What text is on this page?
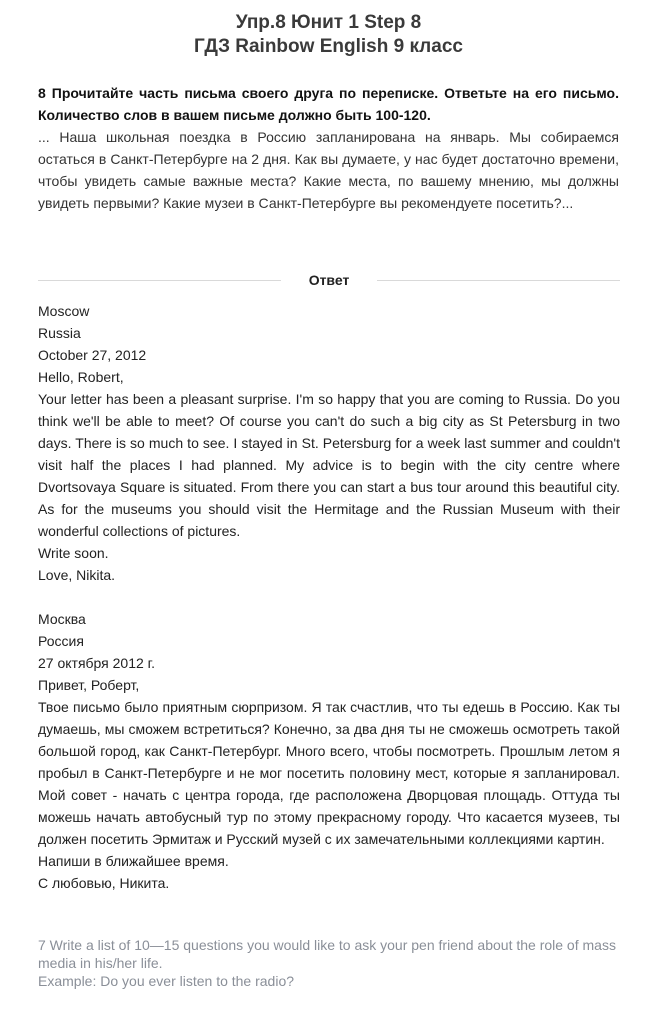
Упр.8 Юнит 1 Step 8
ГДЗ Rainbow English 9 класс
8 Прочитайте часть письма своего друга по переписке. Ответьте на его письмо. Количество слов в вашем письме должно быть 100-120.
... Наша школьная поездка в Россию запланирована на январь. Мы собираемся остаться в Санкт-Петербурге на 2 дня. Как вы думаете, у нас будет достаточно времени, чтобы увидеть самые важные места? Какие места, по вашему мнению, мы должны увидеть первыми? Какие музеи в Санкт-Петербурге вы рекомендуете посетить?...
Ответ

Moscow

Russia

October 27, 2012

Hello, Robert,

Your letter has been a pleasant surprise. I'm so happy that you are coming to Russia. Do you think we'll be able to meet? Of course you can't do such a big city as St Petersburg in two days. There is so much to see. I stayed in St. Petersburg for a week last summer and couldn't visit half the places I had planned. My advice is to begin with the city centre where Dvortsovaya Square is situated. From there you can start a bus tour around this beautiful city. As for the museums you should visit the Hermitage and the Russian Museum with their wonderful collections of pictures.

Write soon.

Love, Nikita.

Москва

Россия

27 октября 2012 г.

Привет, Роберт,

Твое письмо было приятным сюрпризом. Я так счастлив, что ты едешь в Россию. Как ты думаешь, мы сможем встретиться? Конечно, за два дня ты не сможешь осмотреть такой большой город, как Санкт-Петербург. Много всего, чтобы посмотреть. Прошлым летом я пробыл в Санкт-Петербурге и не мог посетить половину мест, которые я запланировал. Мой совет - начать с центра города, где расположена Дворцовая площадь. Оттуда ты можешь начать автобусный тур по этому прекрасному городу. Что касается музеев, ты должен посетить Эрмитаж и Русский музей с их замечательными коллекциями картин.

Напиши в ближайшее время.

С любовью, Никита.

7 Write a list of 10—15 questions you would like to ask your pen friend about the role of mass media in his/her life.

Example: Do you ever listen to the radio?
